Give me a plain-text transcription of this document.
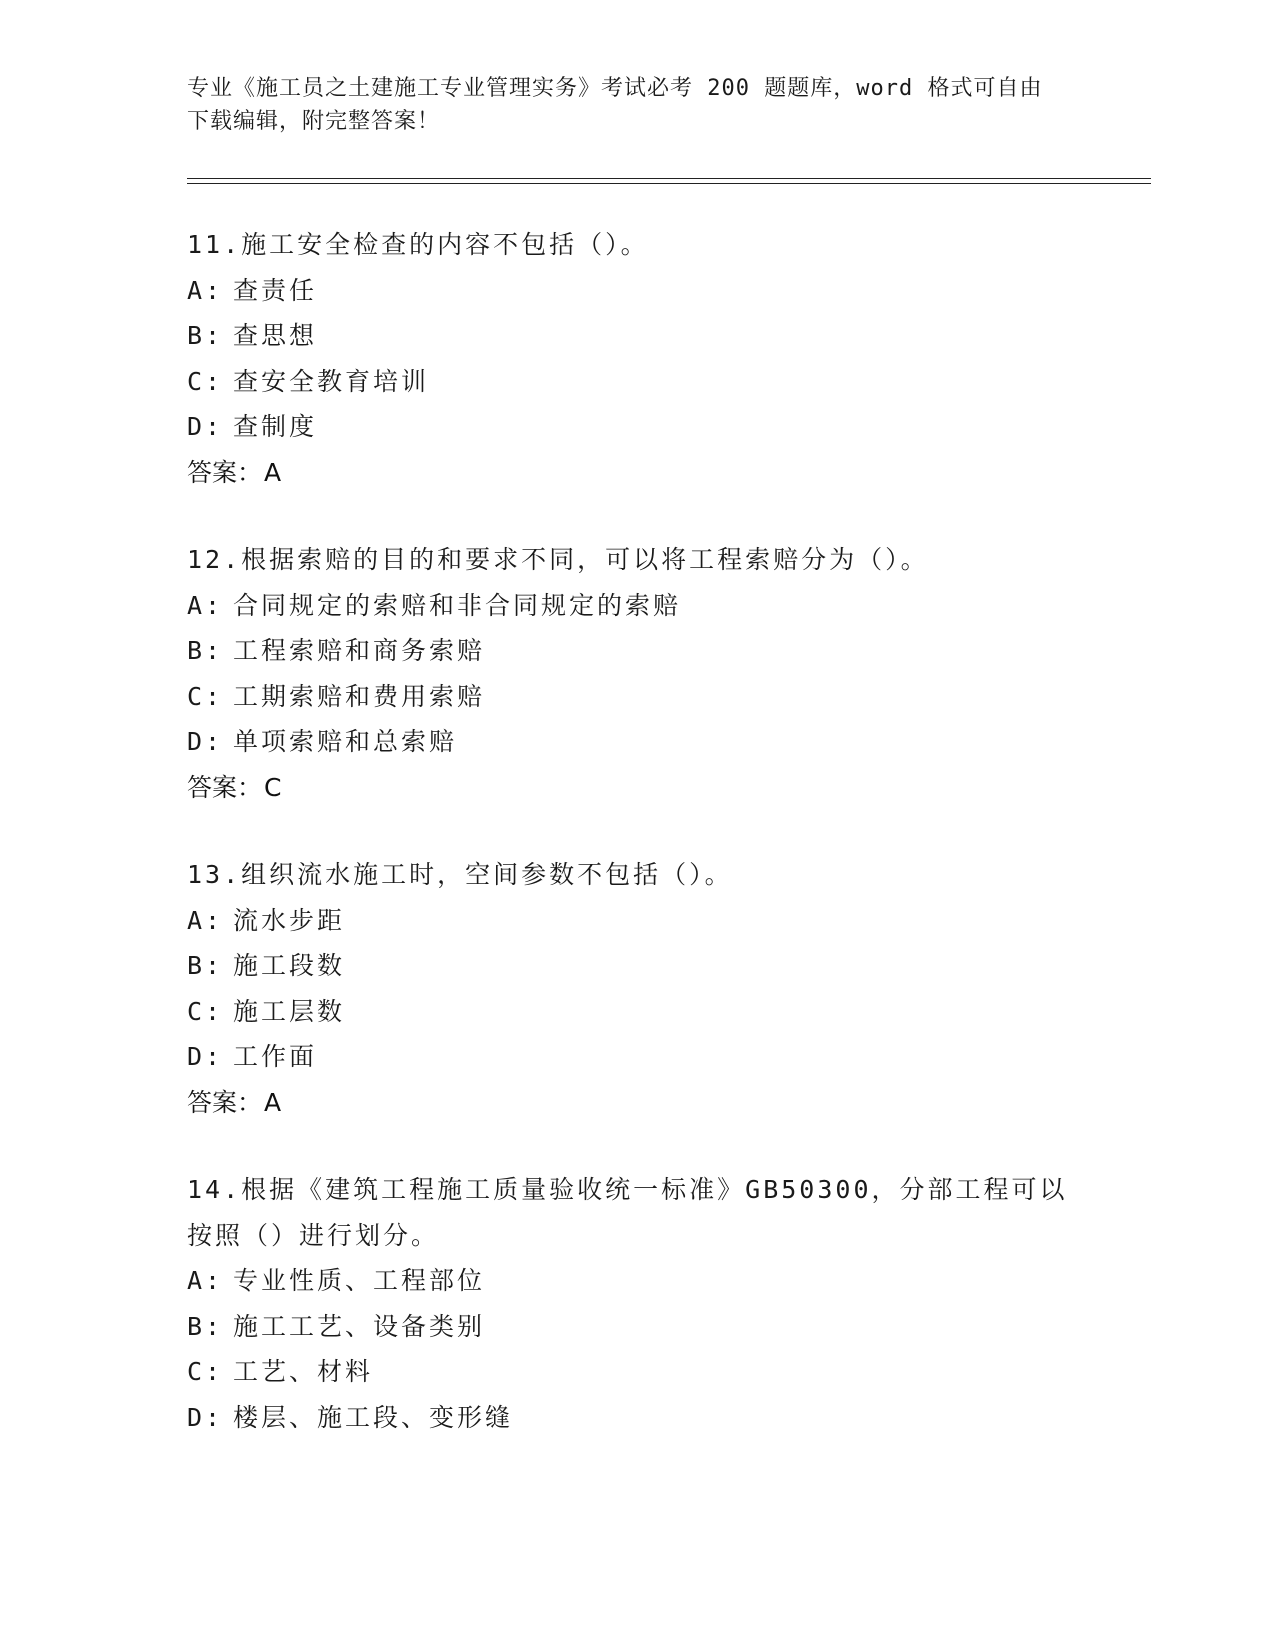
专业《施工员之土建施工专业管理实务》考试必考 200 题题库，word 格式可自由
下载编辑，附完整答案！
11.施工安全检查的内容不包括（）。
A: 查责任
B: 查思想
C: 查安全教育培训
D: 查制度
答案：A
12.根据索赔的目的和要求不同，可以将工程索赔分为（）。
A: 合同规定的索赔和非合同规定的索赔
B: 工程索赔和商务索赔
C: 工期索赔和费用索赔
D: 单项索赔和总索赔
答案：C
13.组织流水施工时，空间参数不包括（）。
A: 流水步距
B: 施工段数
C: 施工层数
D: 工作面
答案：A
14.根据《建筑工程施工质量验收统一标准》GB50300，分部工程可以
按照（）进行划分。
A: 专业性质、工程部位
B: 施工工艺、设备类别
C: 工艺、材料
D: 楼层、施工段、变形缝
